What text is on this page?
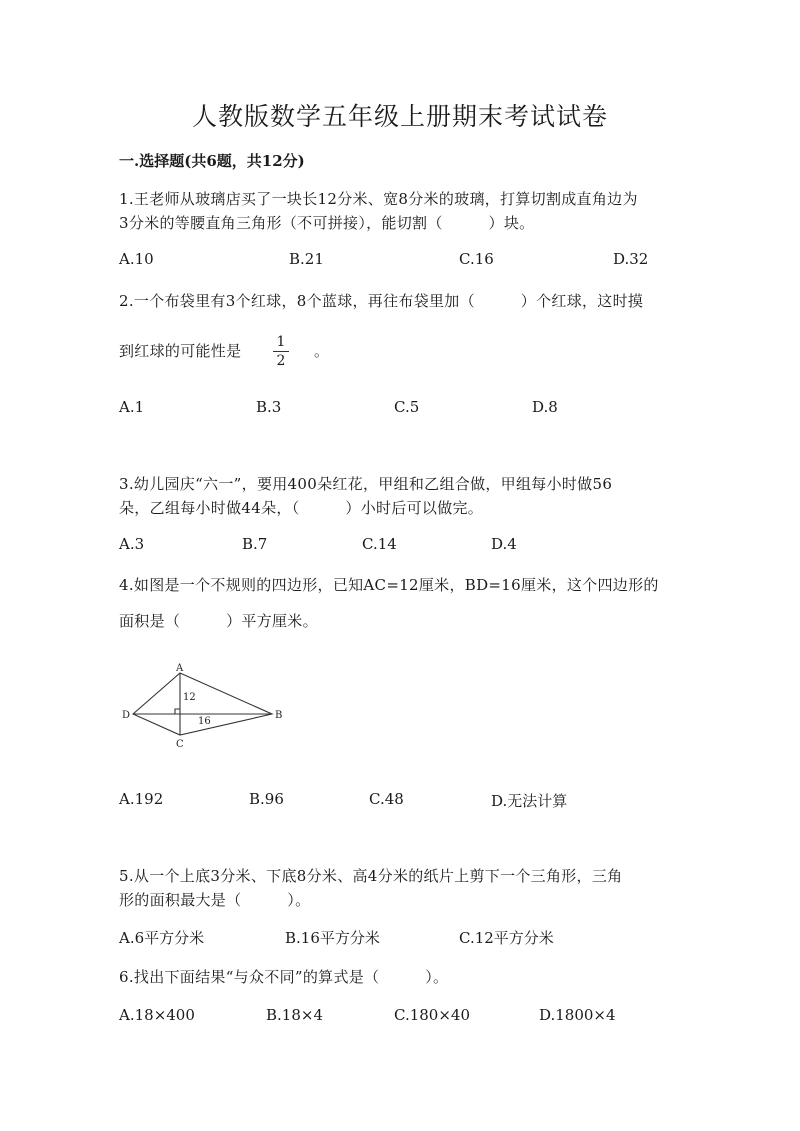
人教版数学五年级上册期末考试试卷
一.选择题(共6题，共12分)
1.王老师从玻璃店买了一块长12分米、宽8分米的玻璃，打算切割成直角边为
3分米的等腰直角三角形（不可拼接），能切割（　　　）块。
A.10	B.21	C.16	D.32
2.一个布袋里有3个红球，8个蓝球，再往布袋里加（　　　）个红球，这时摸
到红球的可能性是	1
2
。
A.1	B.3	C.5	D.8
3.幼儿园庆“六一”，要用400朵红花，甲组和乙组合做，甲组每小时做56
朵，乙组每小时做44朵，（　　　）小时后可以做完。
A.3	B.7	C.14	D.4
4.如图是一个不规则的四边形，已知AC=12厘米，BD=16厘米，这个四边形的
面积是（　　　）平方厘米。
A
B
C
D
12
16
A.192	B.96	C.48	D.无法计算
5.从一个上底3分米、下底8分米、高4分米的纸片上剪下一个三角形，三角
形的面积最大是（　　　）。
A.6平方分米	B.16平方分米	C.12平方分米
6.找出下面结果“与众不同”的算式是（　　　）。
A.18×400	B.18×4	C.180×40	D.1800×4
